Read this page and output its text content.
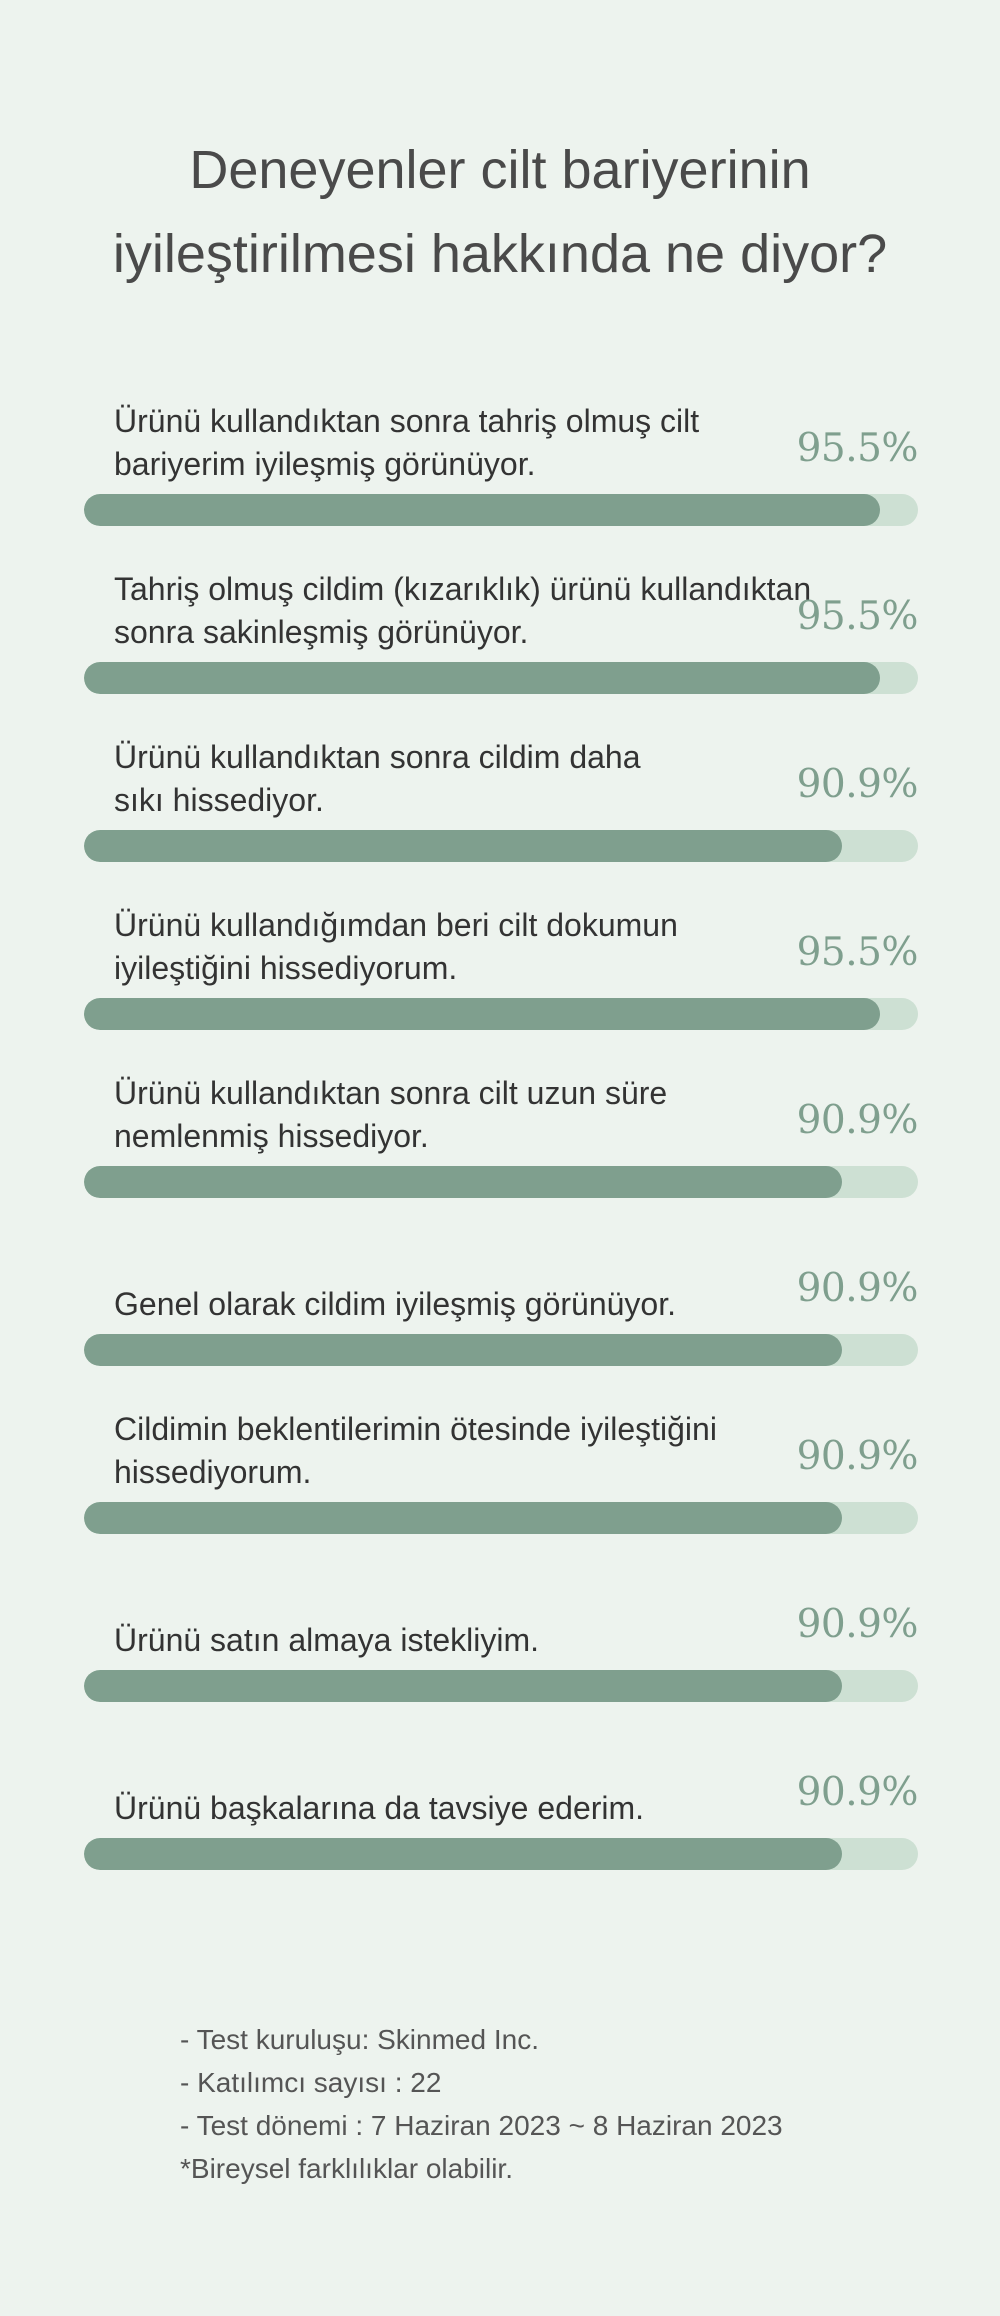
Deneyenler cilt bariyerinin
iyileştirilmesi hakkında ne diyor?
Ürünü kullandıktan sonra tahriş olmuş cilt
bariyerim iyileşmiş görünüyor.	95.5%
Tahriş olmuş cildim (kızarıklık) ürünü kullandıktan
sonra sakinleşmiş görünüyor.	95.5%
Ürünü kullandıktan sonra cildim daha
sıkı hissediyor.	90.9%
Ürünü kullandığımdan beri cilt dokumun
iyileştiğini hissediyorum.	95.5%
Ürünü kullandıktan sonra cilt uzun süre
nemlenmiş hissediyor.	90.9%
Genel olarak cildim iyileşmiş görünüyor.	90.9%
Cildimin beklentilerimin ötesinde iyileştiğini
hissediyorum.	90.9%
Ürünü satın almaya istekliyim.	90.9%
Ürünü başkalarına da tavsiye ederim.	90.9%
- Test kuruluşu: Skinmed Inc.
- Katılımcı sayısı : 22
- Test dönemi : 7 Haziran 2023 ~ 8 Haziran 2023
*Bireysel farklılıklar olabilir.
